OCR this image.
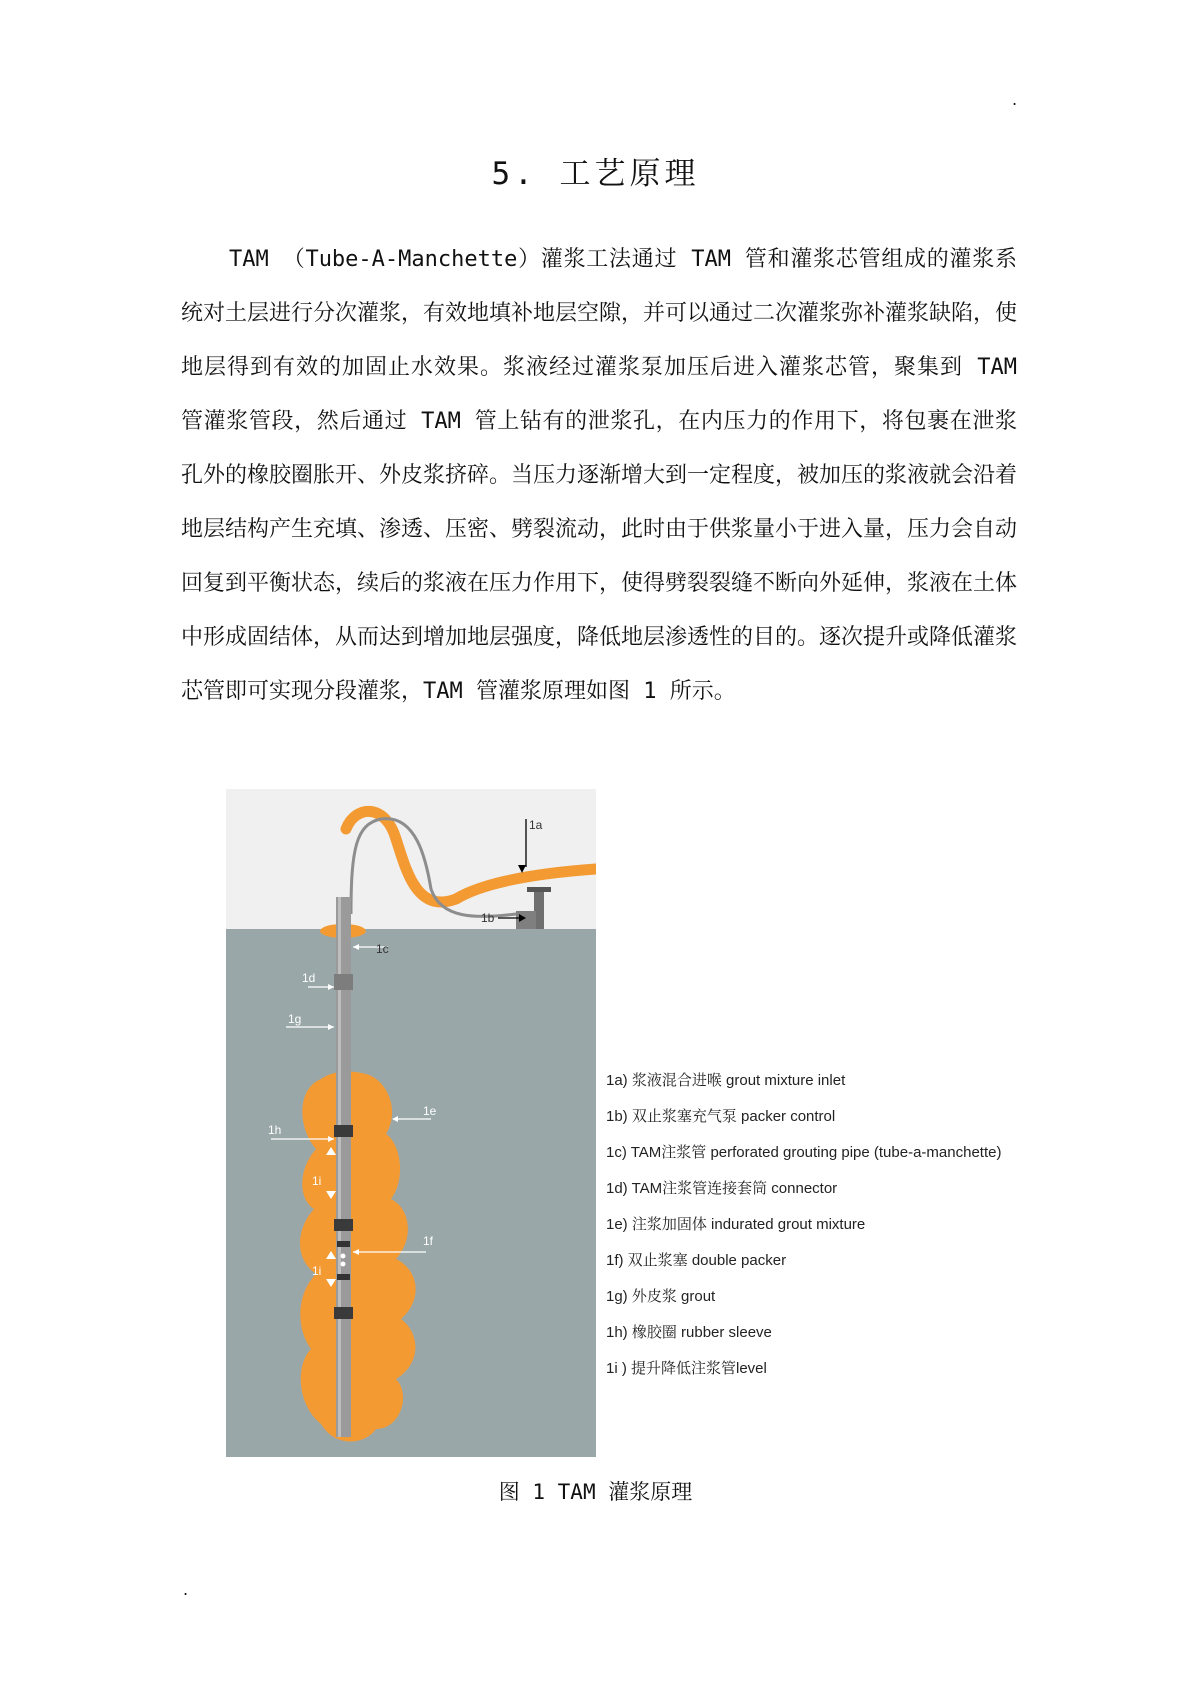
.
5. 工艺原理

TAM （Tube-A-Manchette）灌浆工法通过 TAM 管和灌浆芯管组成的灌浆系统对土层进行分次灌浆，有效地填补地层空隙，并可以通过二次灌浆弥补灌浆缺陷，使地层得到有效的加固止水效果。浆液经过灌浆泵加压后进入灌浆芯管，聚集到 TAM 管灌浆管段，然后通过 TAM 管上钻有的泄浆孔，在内压力的作用下，将包裹在泄浆孔外的橡胶圈胀开、外皮浆挤碎。当压力逐渐增大到一定程度，被加压的浆液就会沿着地层结构产生充填、渗透、压密、劈裂流动，此时由于供浆量小于进入量，压力会自动回复到平衡状态，续后的浆液在压力作用下，使得劈裂裂缝不断向外延伸，浆液在土体中形成固结体，从而达到增加地层强度，降低地层渗透性的目的。逐次提升或降低灌浆芯管即可实现分段灌浆，TAM 管灌浆原理如图 1 所示。

1a
1b
1c
1d
1g
1e
1h
1i
1f
1i
1a) 浆液混合进喉 grout mixture inlet
1b) 双止浆塞充气泵 packer control
1c) TAM注浆管 perforated grouting pipe (tube-a-manchette)
1d) TAM注浆管连接套筒 connector
1e) 注浆加固体 indurated grout mixture
1f) 双止浆塞 double packer
1g) 外皮浆 grout
1h) 橡胶圈 rubber sleeve
1i ) 提升降低注浆管level
图 1 TAM 灌浆原理
.
